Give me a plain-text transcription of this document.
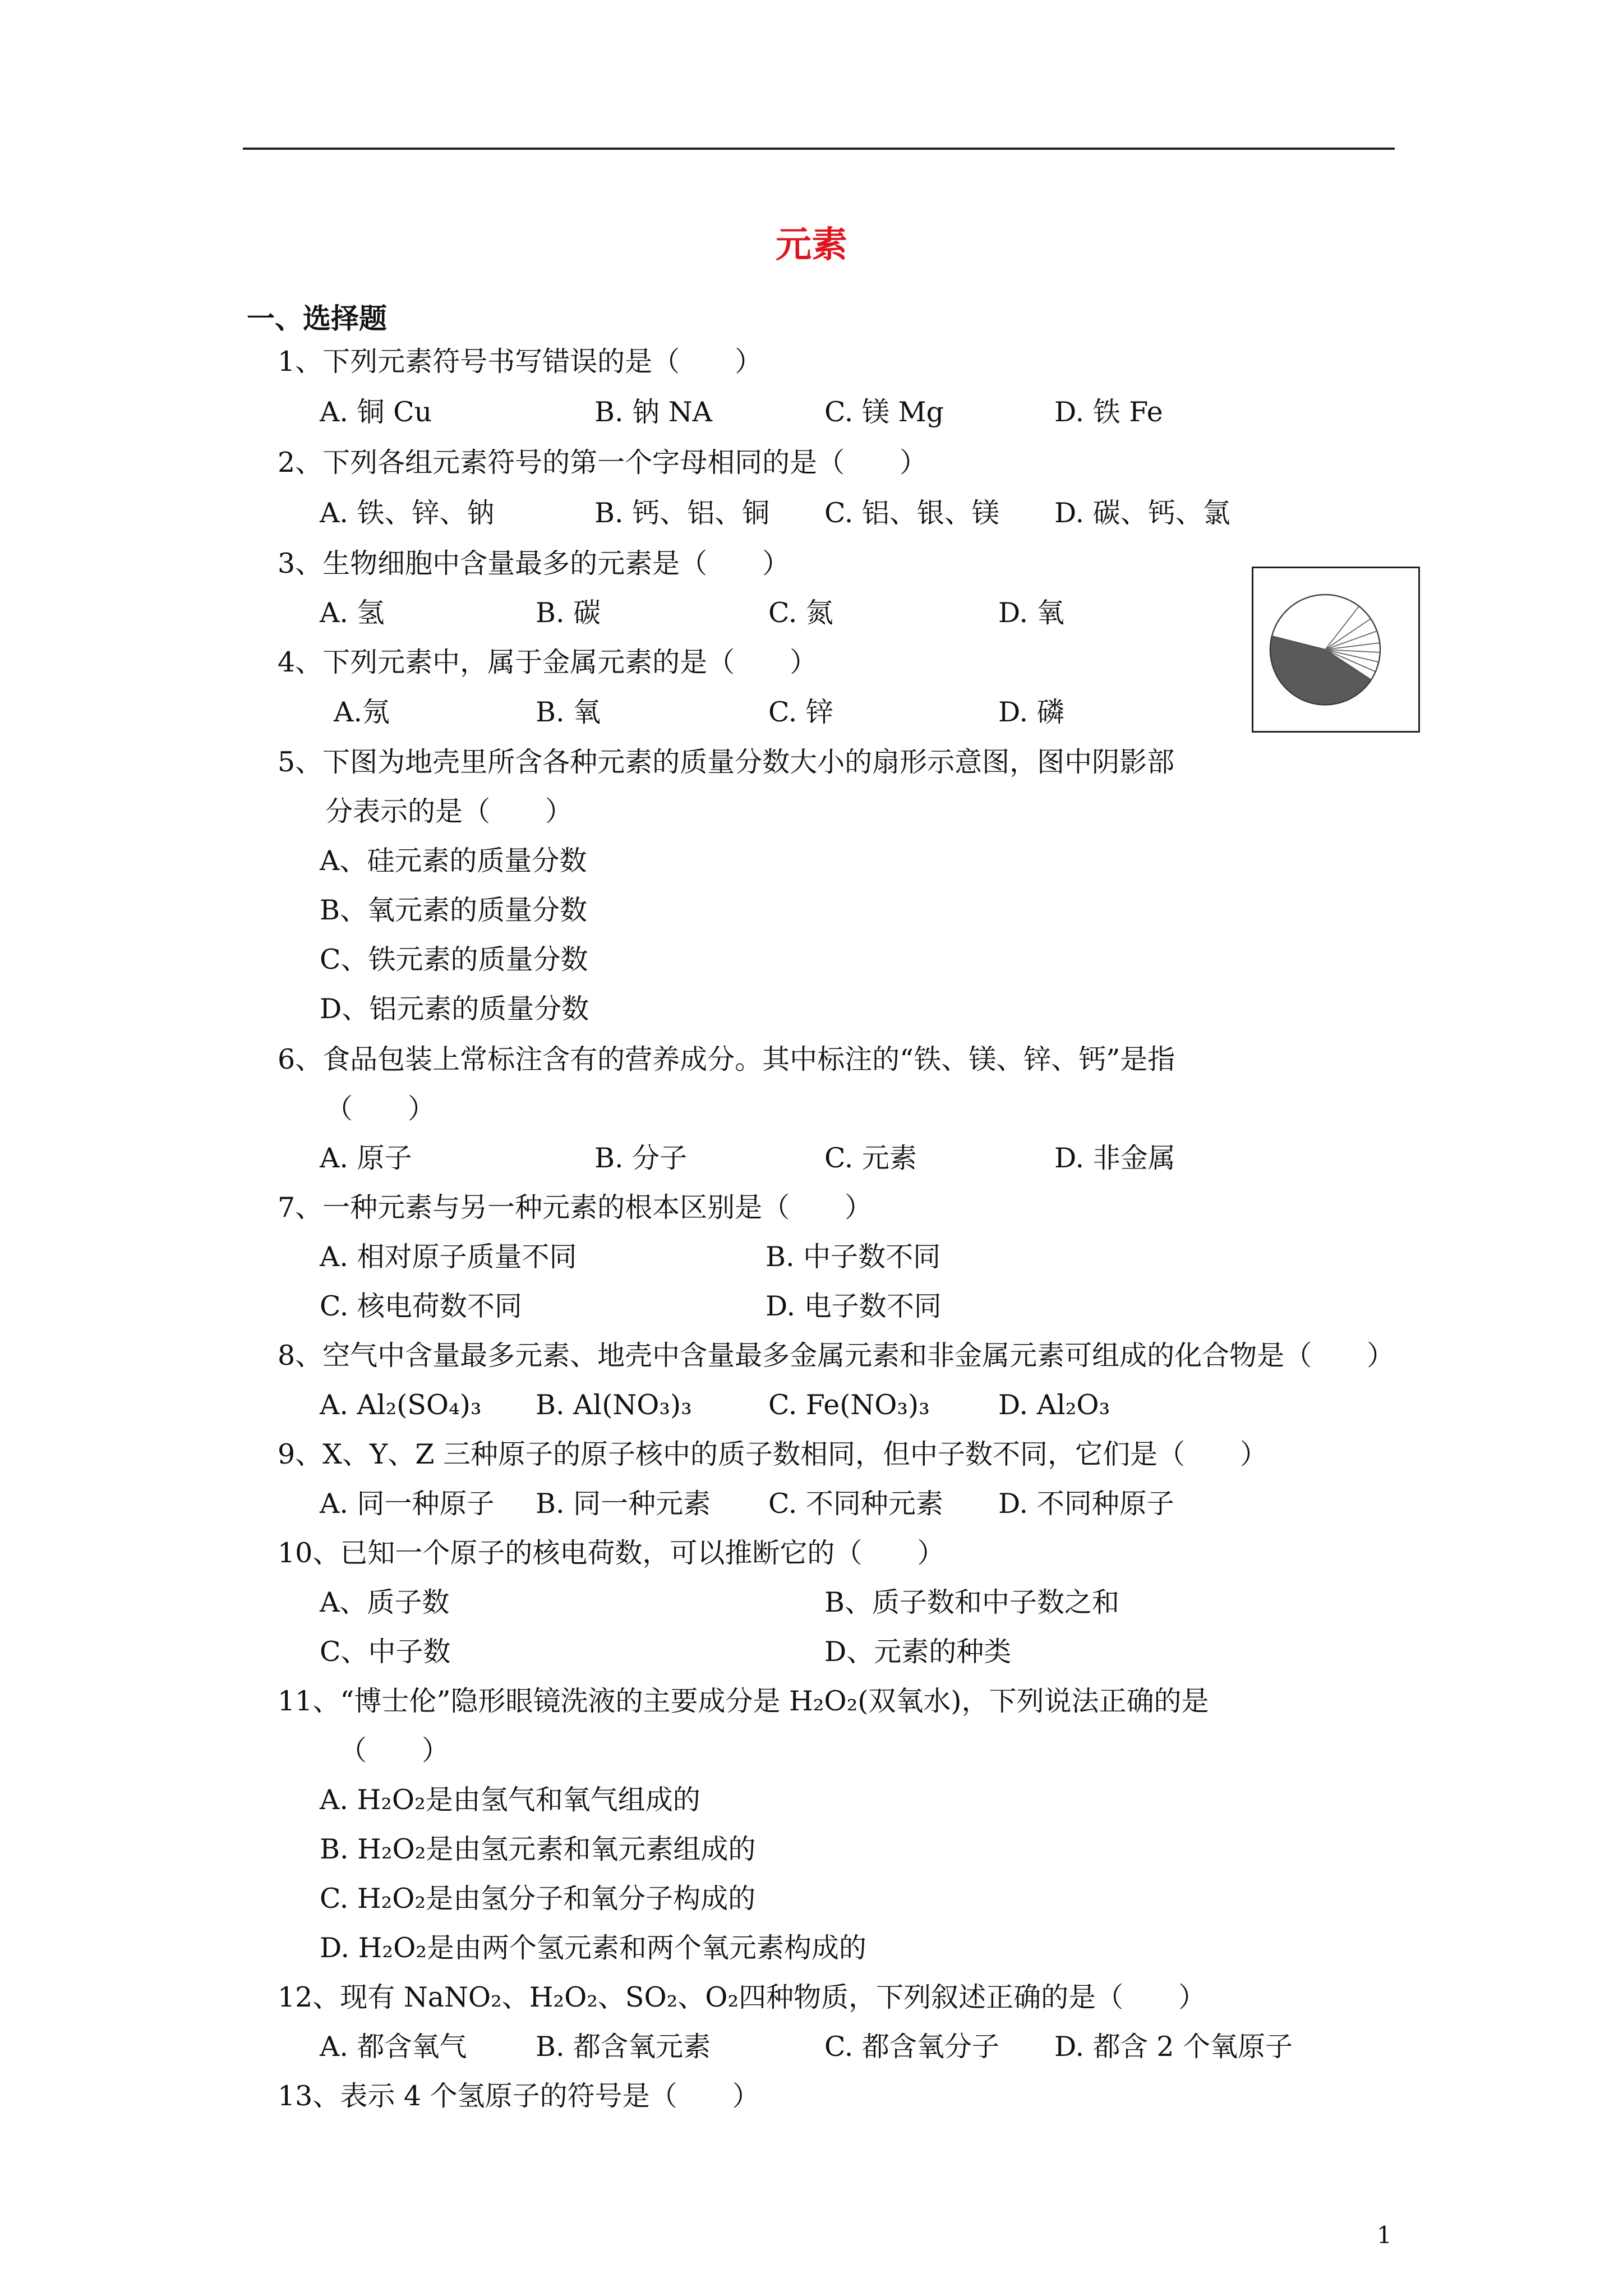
元素
一、选择题
1、下列元素符号书写错误的是（　　）
A. 铜 Cu	B. 钠 NA	C. 镁 Mg	D. 铁 Fe
2、下列各组元素符号的第一个字母相同的是（　　）
A. 铁、锌、钠	B. 钙、铝、铜 C. 铝、银、镁 D. 碳、钙、氯
3、生物细胞中含量最多的元素是（　　）
A. 氢	B. 碳	C. 氮	D. 氧
4、下列元素中，属于金属元素的是（　　）
A.氖	B. 氧	C. 锌	D. 磷
5、下图为地壳里所含各种元素的质量分数大小的扇形示意图，图中阴影部
分表示的是（　　）
A、硅元素的质量分数
B、氧元素的质量分数
C、铁元素的质量分数
D、铝元素的质量分数
6、食品包装上常标注含有的营养成分。其中标注的“铁、镁、锌、钙”是指
（　　）
A. 原子	B. 分子	C. 元素	D. 非金属
7、一种元素与另一种元素的根本区别是（　　）
A. 相对原子质量不同	B. 中子数不同
C. 核电荷数不同	D. 电子数不同
8、空气中含量最多元素、地壳中含量最多金属元素和非金属元素可组成的化合物是（　　）
A. Al₂(SO₄)₃ B. Al(NO₃)₃	C. Fe(NO₃)₃ D. Al₂O₃
9、X、Y、Z 三种原子的原子核中的质子数相同，但中子数不同，它们是（　　）
A. 同一种原子 B. 同一种元素 C. 不同种元素 D. 不同种原子
10、已知一个原子的核电荷数，可以推断它的（　　）
A、质子数	B、质子数和中子数之和
C、中子数	D、元素的种类
11、“博士伦”隐形眼镜洗液的主要成分是 H₂O₂(双氧水)，下列说法正确的是
（　　）
A. H₂O₂是由氢气和氧气组成的
B. H₂O₂是由氢元素和氧元素组成的
C. H₂O₂是由氢分子和氧分子构成的
D. H₂O₂是由两个氢元素和两个氧元素构成的
12、现有 NaNO₂、H₂O₂、SO₂、O₂四种物质，下列叙述正确的是（　　）
A. 都含氧气 B. 都含氧元素	C. 都含氧分子 D. 都含 2 个氧原子
13、表示 4 个氢原子的符号是（　　）
1
